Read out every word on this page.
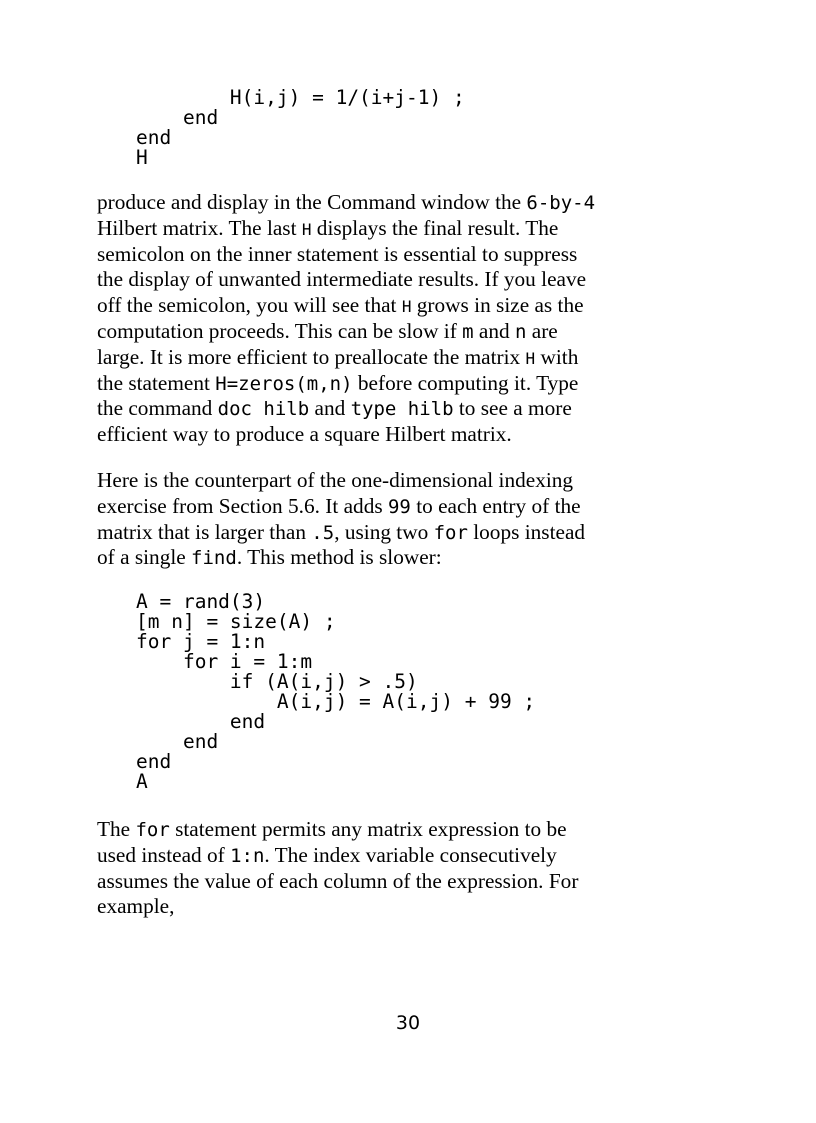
H(i,j) = 1/(i+j-1) ;
end
end
H
produce and display in the Command window the 6-by-4
Hilbert matrix. The last H displays the final result. The
semicolon on the inner statement is essential to suppress
the display of unwanted intermediate results. If you leave
off the semicolon, you will see that H grows in size as the
computation proceeds. This can be slow if m and n are
large. It is more efficient to preallocate the matrix H with
the statement H=zeros(m,n) before computing it. Type
the command doc hilb and type hilb to see a more
efficient way to produce a square Hilbert matrix.
Here is the counterpart of the one-dimensional indexing
exercise from Section 5.6. It adds 99 to each entry of the
matrix that is larger than .5, using two for loops instead
of a single find. This method is slower:
A = rand(3)
[m n] = size(A) ;
for j = 1:n
for i = 1:m
if (A(i,j) > .5)
A(i,j) = A(i,j) + 99 ;
end
end
end
A
The for statement permits any matrix expression to be
used instead of 1:n. The index variable consecutively
assumes the value of each column of the expression. For
example,
30
